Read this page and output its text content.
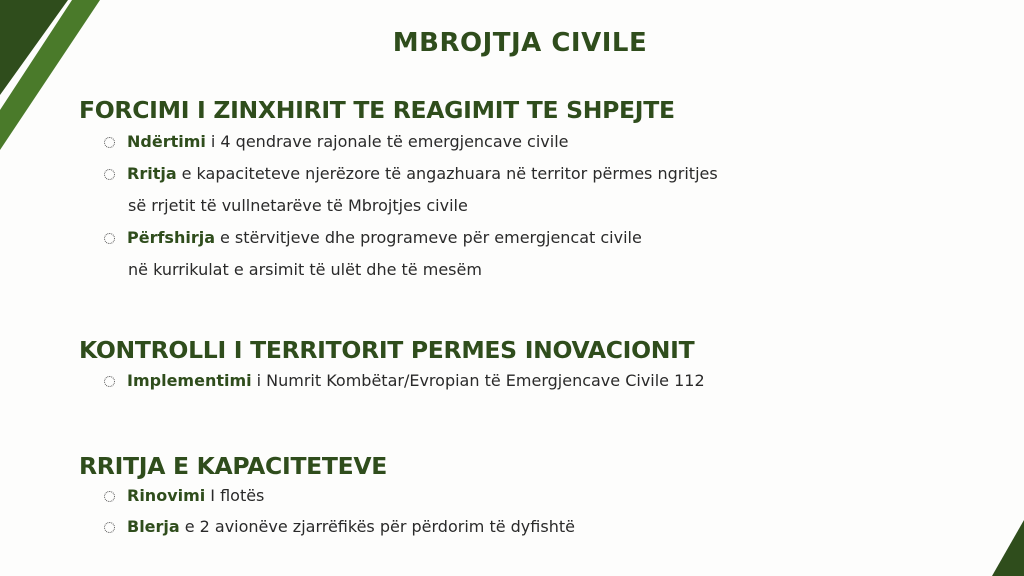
MBROJTJA CIVILE
FORCIMI I ZINXHIRIT TE REAGIMIT TE SHPEJTE
Ndërtimi i 4 qendrave rajonale të emergjencave civile
Rritja e kapaciteteve njerëzore të angazhuara në territor përmes ngritjes
së rrjetit të vullnetarëve të Mbrojtjes civile
Përfshirja e stërvitjeve dhe programeve për emergjencat civile
në kurrikulat e arsimit të ulët dhe të mesëm
KONTROLLI I TERRITORIT PERMES INOVACIONIT
Implementimi i Numrit Kombëtar/Evropian të Emergjencave Civile 112
RRITJA E KAPACITETEVE
Rinovimi I flotës
Blerja e 2 avionëve zjarrëfikës për përdorim të dyfishtë
